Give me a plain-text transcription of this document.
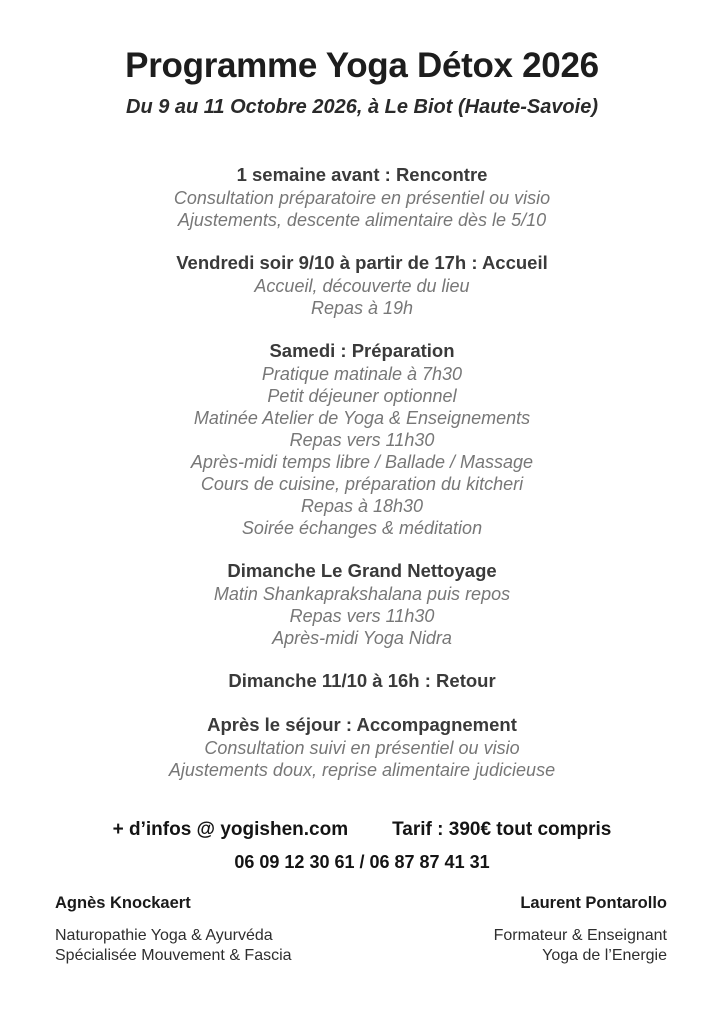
Programme Yoga Détox 2026
Du 9 au 11 Octobre 2026, à Le Biot (Haute-Savoie)
1 semaine avant : Rencontre
Consultation préparatoire en présentiel ou visio
Ajustements, descente alimentaire dès le 5/10
Vendredi soir 9/10 à partir de 17h : Accueil
Accueil, découverte du lieu
Repas à 19h
Samedi : Préparation
Pratique matinale à 7h30
Petit déjeuner optionnel
Matinée Atelier de Yoga & Enseignements
Repas vers 11h30
Après-midi temps libre / Ballade / Massage
Cours de cuisine, préparation du kitcheri
Repas à 18h30
Soirée échanges & méditation
Dimanche Le Grand Nettoyage
Matin Shankaprakshalana puis repos
Repas vers 11h30
Après-midi Yoga Nidra
Dimanche 11/10 à 16h : Retour
Après le séjour : Accompagnement
Consultation suivi en présentiel ou visio
Ajustements doux, reprise alimentaire judicieuse
+ d’infos @ yogishen.com Tarif : 390€ tout compris
06 09 12 30 61 / 06 87 87 41 31
Agnès Knockaert
Naturopathie Yoga & Ayurvéda
Spécialisée Mouvement & Fascia
Laurent Pontarollo
Formateur & Enseignant
Yoga de l’Energie
